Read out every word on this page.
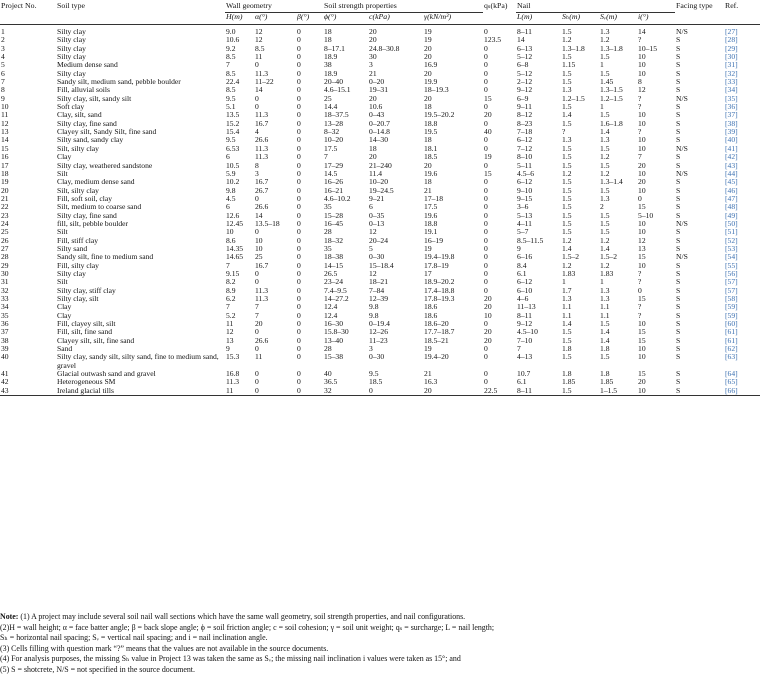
Project No.	Soil type	Wall geometry			Soil strength properties			qₛ(kPa)	Nail				Facing type	Ref.
		H(m)	α(°)	β(°)	ϕ(°)	c(kPa)	γ(kN/m³)		L(m)	Sₕ(m)	Sᵥ(m)	i(°)		

1	Silty clay	9.0	12	0	18	20	19	0	8–11	1.5	1.3	14	N/S	[27]
2	Silty clay	10.6	12	0	18	20	19	123.5	14	1.2	1.2	?	S	[28]
3	Silty clay	9.2	8.5	0	8–17.1	24.8–30.8	20	0	6–13	1.3–1.8	1.3–1.8	10–15	S	[29]
4	Silty clay	8.5	11	0	18.9	30	20	0	5–12	1.5	1.5	10	S	[30]
5	Medium dense sand	7	0	0	38	3	16.9	0	6–8	1.15	1	10	S	[31]
6	Silty clay	8.5	11.3	0	18.9	21	20	0	5–12	1.5	1.5	10	S	[32]
7	Sandy silt, medium sand, pebble boulder	22.4	11–22	0	20–40	0–20	19.9	0	2–12	1.5	1.45	8	S	[33]
8	Fill, alluvial soils	8.5	14	0	4.6–15.1	19–31	18–19.3	0	9–12	1.3	1.3–1.5	12	S	[34]
9	Silty clay, silt, sandy silt	9.5	0	0	25	20	20	15	6–9	1.2–1.5	1.2–1.5	?	N/S	[35]
10	Soft clay	5.1	0	0	14.4	10.6	18	0	9–11	1.5	1	?	S	[36]
11	Clay, silt, sand	13.5	11.3	0	18–37.5	0–43	19.5–20.2	20	8–12	1.4	1.5	10	S	[37]
12	Silty clay, fine sand	15.2	16.7	0	13–28	0–20.7	18.8	0	8–23	1.5	1.6–1.8	10	S	[38]
13	Clayey silt, Sandy Silt, fine sand	15.4	4	0	8–32	0–14.8	19.5	40	7–18	?	1.4	?	S	[39]
14	Silty sand, sandy clay	9.5	26.6	0	10–20	14–30	18	0	6–12	1.3	1.3	10	S	[40]
15	Silt, silty clay	6.53	11.3	0	17.5	18	18.1	0	7–12	1.5	1.5	10	N/S	[41]
16	Clay	6	11.3	0	7	20	18.5	19	8–10	1.5	1.2	7	S	[42]
17	Silty clay, weathered sandstone	10.5	8	0	17–29	21–240	20	0	5–11	1.5	1.5	20	S	[43]
18	Silt	5.9	3	0	14.5	11.4	19.6	15	4.5–6	1.2	1.2	10	N/S	[44]
19	Clay, medium dense sand	10.2	16.7	0	16–26	10–20	18	0	6–12	1.5	1.3–1.4	20	S	[45]
20	Silt, silty clay	9.8	26.7	0	16–21	19–24.5	21	0	9–10	1.5	1.5	10	S	[46]
21	Fill, soft soil, clay	4.5	0	0	4.6–10.2	9–21	17–18	0	9–15	1.5	1.3	0	S	[47]
22	Silt, medium to coarse sand	6	26.6	0	35	6	17.5	0	3–6	1.5	2	15	S	[48]
23	Silty clay, fine sand	12.6	14	0	15–28	0–35	19.6	0	5–13	1.5	1.5	5–10	S	[49]
24	fill, silt, pebble boulder	12.45	13.5–18	0	16–45	0–13	18.8	0	4–11	1.5	1.5	10	N/S	[50]
25	Silt	10	0	0	28	12	19.1	0	5–7	1.5	1.5	10	S	[51]
26	Fill, stiff clay	8.6	10	0	18–32	20–24	16–19	0	8.5–11.5	1.2	1.2	12	S	[52]
27	Silty sand	14.35	10	0	35	5	19	0	9	1.4	1.4	13	S	[53]
28	Sandy silt, fine to medium sand	14.65	25	0	18–38	0–30	19.4–19.8	0	6–16	1.5–2	1.5–2	15	N/S	[54]
29	Fill, silty clay	7	16.7	0	14–15	15–18.4	17.8–19	0	8.4	1.2	1.2	10	S	[55]
30	Silty clay	9.15	0	0	26.5	12	17	0	6.1	1.83	1.83	?	S	[56]
31	Silt	8.2	0	0	23–24	18–21	18.9–20.2	0	6–12	1	1	?	S	[57]
32	Silty clay, stiff clay	8.9	11.3	0	7.4–9.5	7–84	17.4–18.8	0	6–10	1.7	1.3	0	S	[57]
33	Silty clay, silt	6.2	11.3	0	14–27.2	12–39	17.8–19.3	20	4–6	1.3	1.3	15	S	[58]
34	Clay	7	7	0	12.4	9.8	18.6	20	11–13	1.1	1.1	?	S	[59]
35	Clay	5.2	7	0	12.4	9.8	18.6	10	8–11	1.1	1.1	?	S	[59]
36	Fill, clayey silt, silt	11	20	0	16–30	0–19.4	18.6–20	0	9–12	1.4	1.5	10	S	[60]
37	Fill, silt, fine sand	12	0	0	15.8–30	12–26	17.7–18.7	20	4.5–10	1.5	1.4	15	S	[61]
38	Clayey silt, silt, fine sand	13	26.6	0	13–40	11–23	18.5–21	20	7–10	1.5	1.4	15	S	[61]
39	Sand	9	0	0	28	3	19	0	7	1.8	1.8	10	S	[62]
40	Silty clay, sandy silt, silty sand, fine to medium sand, gravel	15.3	11	0	15–38	0–30	19.4–20	0	4–13	1.5	1.5	10	S	[63]
41	Glacial outwash sand and gravel	16.8	0	0	40	9.5	21	0	10.7	1.8	1.8	15	S	[64]
42	Heterogeneous SM	11.3	0	0	36.5	18.5	16.3	0	6.1	1.85	1.85	20	S	[65]
43	Ireland glacial tills	11	0	0	32	0	20	22.5	8–11	1.5	1–1.5	10	S	[66]

Note: (1) A project may include several soil nail wall sections which have the same wall geometry, soil strength properties, and nail configurations.

(2)H = wall height; α = face batter angle; β = back slope angle; ϕ = soil friction angle; c = soil cohesion; γ = soil unit weight; qₛ = surcharge; L = nail length;

Sₕ = horizontal nail spacing; Sᵥ = vertical nail spacing; and i = nail inclination angle.

(3) Cells filling with question mark “?” means that the values are not available in the source documents.

(4) For analysis purposes, the missing Sₕ value in Project 13 was taken the same as Sᵥ; the missing nail inclination i values were taken as 15°; and

(5) S = shotcrete, N/S = not specified in the source document.
